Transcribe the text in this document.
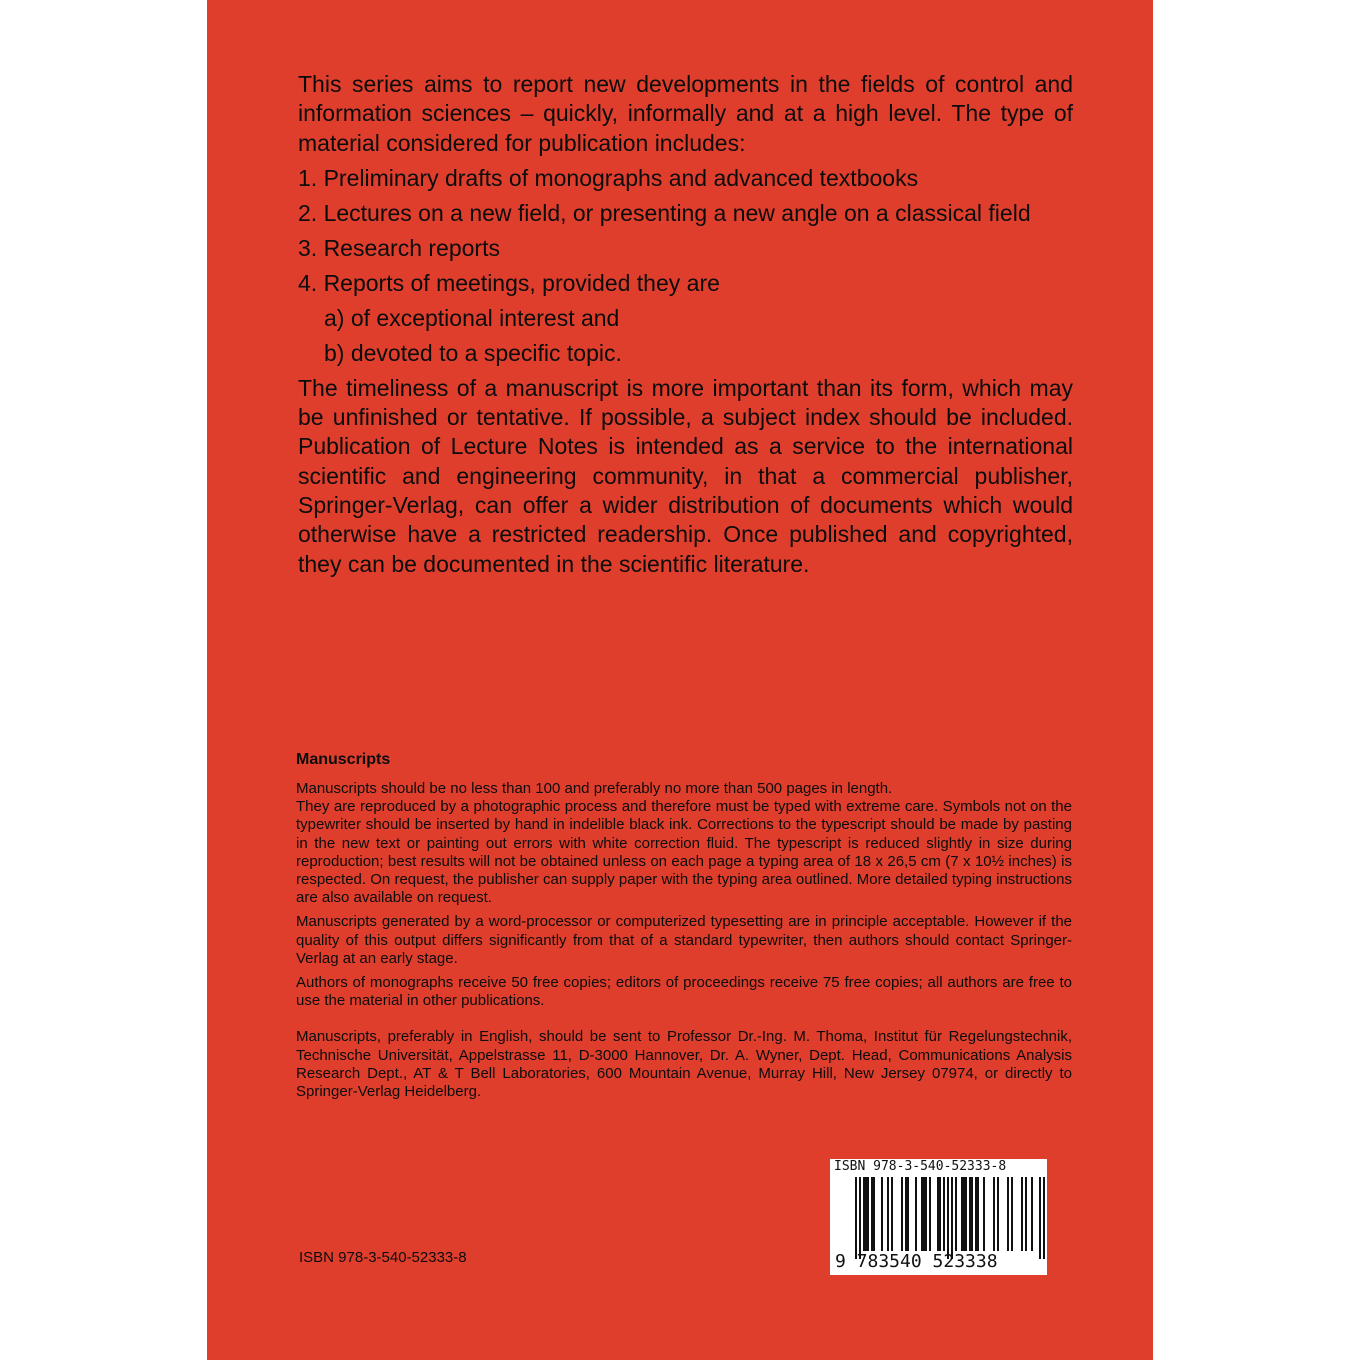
This series aims to report new developments in the fields of control and information sciences – quickly, informally and at a high level. The type of material considered for publication includes:

1. Preliminary drafts of monographs and advanced textbooks
2. Lectures on a new field, or presenting a new angle on a classical field
3. Research reports
4. Reports of meetings, provided they are
a) of exceptional interest and
b) devoted to a specific topic.

The timeliness of a manuscript is more important than its form, which may be unfinished or tentative. If possible, a subject index should be included. Publication of Lecture Notes is intended as a service to the international scientific and engineering community, in that a commercial publisher, Springer-Verlag, can offer a wider distribution of documents which would otherwise have a restricted readership. Once published and copyrighted, they can be documented in the scientific literature.

Manuscripts

Manuscripts should be no less than 100 and preferably no more than 500 pages in length.

They are reproduced by a photographic process and therefore must be typed with extreme care. Symbols not on the typewriter should be inserted by hand in indelible black ink. Corrections to the typescript should be made by pasting in the new text or painting out errors with white correction fluid. The typescript is reduced slightly in size during reproduction; best results will not be obtained unless on each page a typing area of 18 x 26,5 cm (7 x 10½ inches) is respected. On request, the publisher can supply paper with the typing area outlined. More detailed typing instructions are also available on request.

Manuscripts generated by a word-processor or computerized typesetting are in principle acceptable. However if the quality of this output differs significantly from that of a standard typewriter, then authors should contact Springer-Verlag at an early stage.

Authors of monographs receive 50 free copies; editors of proceedings receive 75 free copies; all authors are free to use the material in other publications.

Manuscripts, preferably in English, should be sent to Professor Dr.-Ing. M. Thoma, Institut für Regelungstechnik, Technische Universität, Appelstrasse 11, D-3000 Hannover, Dr. A. Wyner, Dept. Head, Communications Analysis Research Dept., AT & T Bell Laboratories, 600 Mountain Avenue, Murray Hill, New Jersey 07974, or directly to Springer-Verlag Heidelberg.

ISBN 978-3-540-52333-8
ISBN 978-3-540-52333-8
9 783540 523338
